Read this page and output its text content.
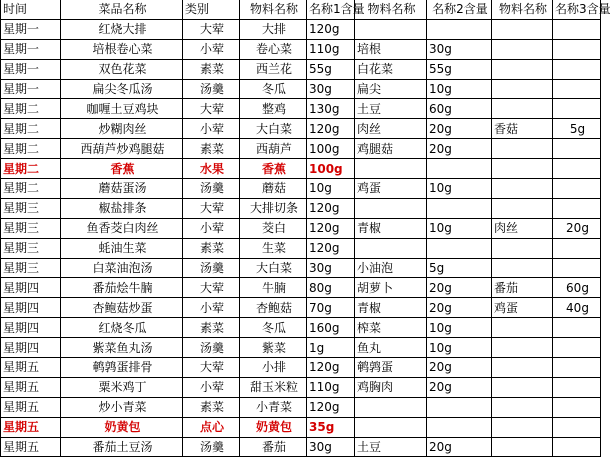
时间	菜品名称	类别	物料名称	名称1含量	物料名称	名称2含量	物料名称	名称3含量
星期一	红烧大排	大荤	大排	120g				
星期一	培根卷心菜	小荤	卷心菜	110g	培根	30g		
星期一	双色花菜	素菜	西兰花	55g	白花菜	55g		
星期一	扁尖冬瓜汤	汤羹	冬瓜	30g	扁尖	10g		
星期二	咖喱土豆鸡块	大荤	整鸡	130g	土豆	60g		
星期二	炒糊肉丝	小荤	大白菜	120g	肉丝	20g	香菇	5g
星期二	西葫芦炒鸡腿菇	素菜	西葫芦	100g	鸡腿菇	20g		
星期二	香蕉	水果	香蕉	100g				
星期二	蘑菇蛋汤	汤羹	蘑菇	10g	鸡蛋	10g		
星期三	椒盐排条	大荤	大排切条	120g				
星期三	鱼香茭白肉丝	小荤	茭白	120g	青椒	10g	肉丝	20g
星期三	蚝油生菜	素菜	生菜	120g				
星期三	白菜油泡汤	汤羹	大白菜	30g	小油泡	5g		
星期四	番茄烩牛腩	大荤	牛腩	80g	胡萝卜	20g	番茄	60g
星期四	杏鲍菇炒蛋	小荤	杏鲍菇	70g	青椒	20g	鸡蛋	40g
星期四	红烧冬瓜	素菜	冬瓜	160g	榨菜	10g		
星期四	紫菜鱼丸汤	汤羹	紫菜	1g	鱼丸	10g		
星期五	鹌鹑蛋排骨	大荤	小排	120g	鹌鹑蛋	20g		
星期五	粟米鸡丁	小荤	甜玉米粒	110g	鸡胸肉	20g		
星期五	炒小青菜	素菜	小青菜	120g				
星期五	奶黄包	点心	奶黄包	35g				
星期五	番茄土豆汤	汤羹	番茄	30g	土豆	20g		
